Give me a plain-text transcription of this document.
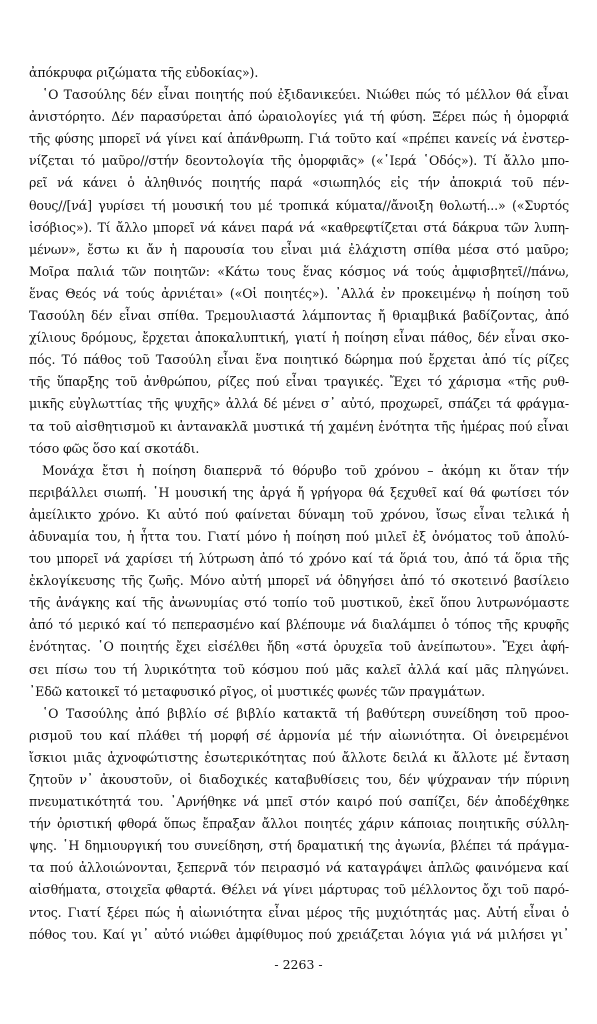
ἀπόκρυφα ριζώματα τῆς εὐδοκίας»).
῾Ο Τασούλης δέν εἶναι ποιητής πού ἐξιδανικεύει. Νιώθει πώς τό μέλλον θά εἶναι
ἀνιστόρητο. Δέν παρασύρεται ἀπό ὡραιολογίες γιά τή φύση. Ξέρει πώς ἡ ὀμορφιά
τῆς φύσης μπορεῖ νά γίνει καί ἀπάνθρωπη. Γιά τοῦτο καί «πρέπει κανείς νά ἐνστερ-
νίζεται τό μαῦρο//στήν δεοντολογία τῆς ὀμορφιᾶς» («῾Ιερά ῾Οδός»). Τί ἄλλο μπο-
ρεῖ νά κάνει ὁ ἀληθινός ποιητής παρά «σιωπηλός εἰς τήν ἀποκριά τοῦ πέν-
θους//[νά] γυρίσει τή μουσική του μέ τροπικά κύματα//ἄνοιξη θολωτή...» («Συρτός
ἰσόβιος»). Τί ἄλλο μπορεῖ νά κάνει παρά νά «καθρεφτίζεται στά δάκρυα τῶν λυπη-
μένων», ἔστω κι ἄν ἡ παρουσία του εἶναι μιά ἐλάχιστη σπίθα μέσα στό μαῦρο;
Μοῖρα παλιά τῶν ποιητῶν: «Κάτω τους ἕνας κόσμος νά τούς ἀμφισβητεῖ//πάνω,
ἕνας Θεός νά τούς ἀρνιέται» («Οἱ ποιητές»). ᾿Αλλά ἐν προκειμένῳ ἡ ποίηση τοῦ
Τασούλη δέν εἶναι σπίθα. Τρεμουλιαστά λάμποντας ἤ θριαμβικά βαδίζοντας, ἀπό
χίλιους δρόμους, ἔρχεται ἀποκαλυπτική, γιατί ἡ ποίηση εἶναι πάθος, δέν εἶναι σκο-
πός. Τό πάθος τοῦ Τασούλη εἶναι ἕνα ποιητικό δώρημα πού ἔρχεται ἀπό τίς ρίζες
τῆς ὕπαρξης τοῦ ἀνθρώπου, ρίζες πού εἶναι τραγικές. Ἔχει τό χάρισμα «τῆς ρυθ-
μικῆς εὐγλωττίας τῆς ψυχῆς» ἀλλά δέ μένει σ᾿ αὐτό, προχωρεῖ, σπάζει τά φράγμα-
τα τοῦ αἰσθητισμοῦ κι ἀντανακλᾶ μυστικά τή χαμένη ἑνότητα τῆς ἡμέρας πού εἶναι
τόσο φῶς ὅσο καί σκοτάδι.
Μονάχα ἔτσι ἡ ποίηση διαπερνᾶ τό θόρυβο τοῦ χρόνου – ἀκόμη κι ὅταν τήν
περιβάλλει σιωπή. ῾Η μουσική της ἀργά ἤ γρήγορα θά ξεχυθεῖ καί θά φωτίσει τόν
ἀμείλικτο χρόνο. Κι αὐτό πού φαίνεται δύναμη τοῦ χρόνου, ἴσως εἶναι τελικά ἡ
ἀδυναμία του, ἡ ἧττα του. Γιατί μόνο ἡ ποίηση πού μιλεῖ ἐξ ὀνόματος τοῦ ἀπολύ-
του μπορεῖ νά χαρίσει τή λύτρωση ἀπό τό χρόνο καί τά ὅριά του, ἀπό τά ὅρια τῆς
ἐκλογίκευσης τῆς ζωῆς. Μόνο αὐτή μπορεῖ νά ὁδηγήσει ἀπό τό σκοτεινό βασίλειο
τῆς ἀνάγκης καί τῆς ἀνωνυμίας στό τοπίο τοῦ μυστικοῦ, ἐκεῖ ὅπου λυτρωνόμαστε
ἀπό τό μερικό καί τό πεπερασμένο καί βλέπουμε νά διαλάμπει ὁ τόπος τῆς κρυφῆς
ἑνότητας. ῾Ο ποιητής ἔχει εἰσέλθει ἤδη «στά ὀρυχεῖα τοῦ ἀνείπωτου». Ἔχει ἀφή-
σει πίσω του τή λυρικότητα τοῦ κόσμου πού μᾶς καλεῖ ἀλλά καί μᾶς πληγώνει.
᾿Εδῶ κατοικεῖ τό μεταφυσικό ρῖγος, οἱ μυστικές φωνές τῶν πραγμάτων.
῾Ο Τασούλης ἀπό βιβλίο σέ βιβλίο κατακτᾶ τή βαθύτερη συνείδηση τοῦ προο-
ρισμοῦ του καί πλάθει τή μορφή σέ ἁρμονία μέ τήν αἰωνιότητα. Οἱ ὀνειρεμένοι
ἴσκιοι μιᾶς ἀχνοφώτιστης ἐσωτερικότητας πού ἄλλοτε δειλά κι ἄλλοτε μέ ἔνταση
ζητοῦν ν᾿ ἀκουστοῦν, οἱ διαδοχικές καταβυθίσεις του, δέν ψύχραναν τήν πύρινη
πνευματικότητά του. ᾿Αρνήθηκε νά μπεῖ στόν καιρό πού σαπίζει, δέν ἀποδέχθηκε
τήν ὀριστική φθορά ὅπως ἔπραξαν ἄλλοι ποιητές χάριν κάποιας ποιητικῆς σύλλη-
ψης. ῾Η δημιουργική του συνείδηση, στή δραματική της ἀγωνία, βλέπει τά πράγμα-
τα πού ἀλλοιώνονται, ξεπερνᾶ τόν πειρασμό νά καταγράψει ἁπλῶς φαινόμενα καί
αἰσθήματα, στοιχεῖα φθαρτά. Θέλει νά γίνει μάρτυρας τοῦ μέλλοντος ὄχι τοῦ παρό-
ντος. Γιατί ξέρει πώς ἡ αἰωνιότητα εἶναι μέρος τῆς μυχιότητάς μας. Αὐτή εἶναι ὁ
πόθος του. Καί γι᾿ αὐτό νιώθει ἀμφίθυμος πού χρειάζεται λόγια γιά νά μιλήσει γι᾿
- 2263 -
